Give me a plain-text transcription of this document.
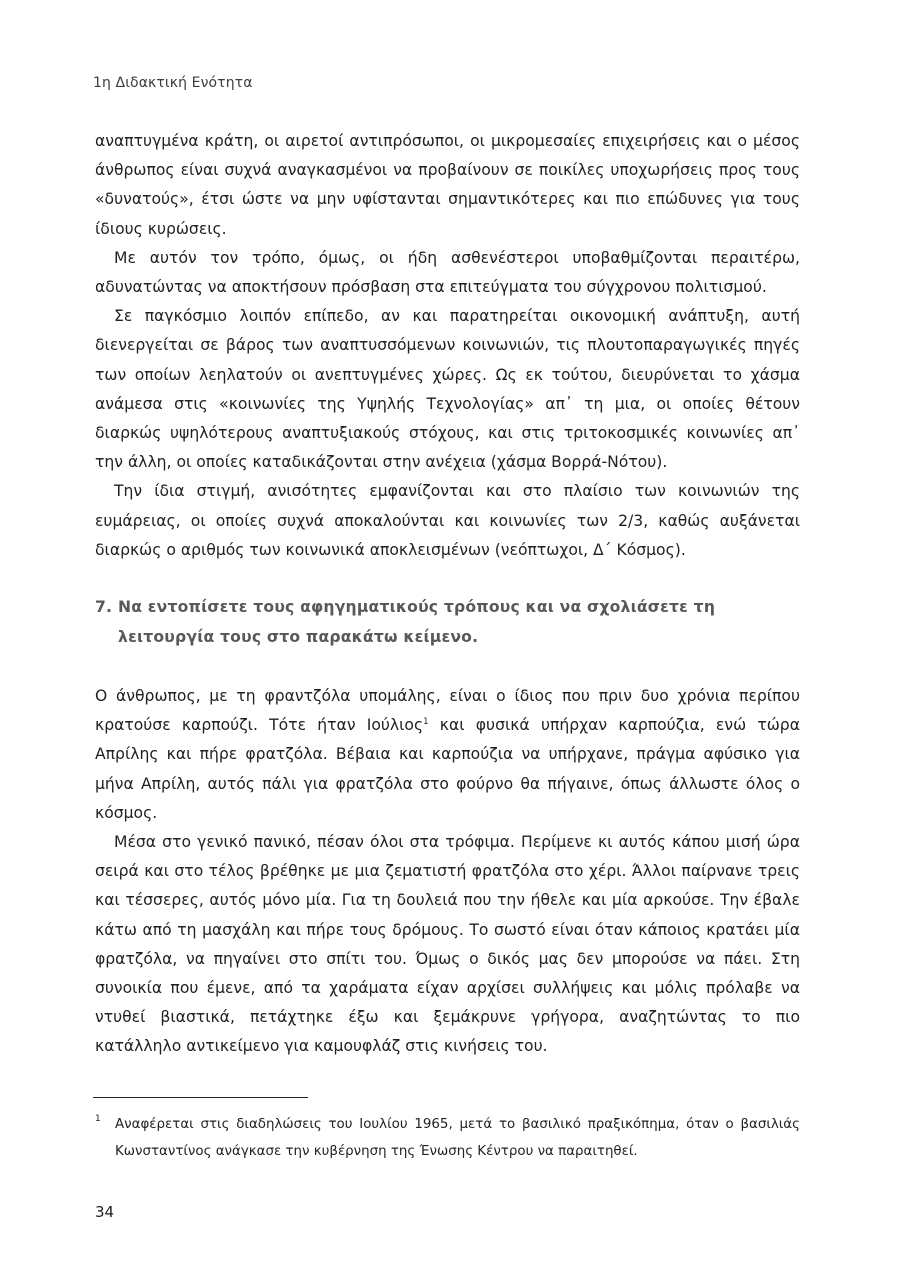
1η Διδακτική Ενότητα

αναπτυγμένα κράτη, οι αιρετοί αντιπρόσωποι, οι μικρομεσαίες επιχειρήσεις και ο μέσος άνθρωπος είναι συχνά αναγκασμένοι να προβαίνουν σε ποικίλες υποχωρήσεις προς τους «δυνατούς», έτσι ώστε να μην υφίστανται σημαντικότερες και πιο επώδυνες για τους ίδιους κυρώσεις.

Με αυτόν τον τρόπο, όμως, οι ήδη ασθενέστεροι υποβαθμίζονται περαιτέρω, αδυνατώντας να αποκτήσουν πρόσβαση στα επιτεύγματα του σύγχρονου πολιτισμού.

Σε παγκόσμιο λοιπόν επίπεδο, αν και παρατηρείται οικονομική ανάπτυξη, αυτή διενεργείται σε βάρος των αναπτυσσόμενων κοινωνιών, τις πλουτοπαραγωγικές πηγές των οποίων λεηλατούν οι ανεπτυγμένες χώρες. Ως εκ τούτου, διευρύνεται το χάσμα ανάμεσα στις «κοινωνίες της Υψηλής Τεχνολογίας» απ᾽ τη μια, οι οποίες θέτουν διαρκώς υψηλότερους αναπτυξιακούς στόχους, και στις τριτοκοσμικές κοινωνίες απ᾽ την άλλη, οι οποίες καταδικάζονται στην ανέχεια (χάσμα Βορρά-Νότου).

Την ίδια στιγμή, ανισότητες εμφανίζονται και στο πλαίσιο των κοινωνιών της ευμάρειας, οι οποίες συχνά αποκαλούνται και κοινωνίες των 2/3, καθώς αυξάνεται διαρκώς ο αριθμός των κοινωνικά αποκλεισμένων (νεόπτωχοι, Δ΄ Κόσμος).

7. Να εντοπίσετε τους αφηγηματικούς τρόπους και να σχολιάσετε τη λειτουργία τους στο παρακάτω κείμενο.

Ο άνθρωπος, με τη φραντζόλα υπομάλης, είναι ο ίδιος που πριν δυο χρόνια περίπου κρατούσε καρπούζι. Τότε ήταν Ιούλιος$^1$ και φυσικά υπήρχαν καρπούζια, ενώ τώρα Απρίλης και πήρε φρατζόλα. Βέβαια και καρπούζια να υπήρχανε, πράγμα αφύσικο για μήνα Απρίλη, αυτός πάλι για φρατζόλα στο φούρνο θα πήγαινε, όπως άλλωστε όλος ο κόσμος.

Μέσα στο γενικό πανικό, πέσαν όλοι στα τρόφιμα. Περίμενε κι αυτός κάπου μισή ώρα σειρά και στο τέλος βρέθηκε με μια ζεματιστή φρατζόλα στο χέρι. Άλλοι παίρνανε τρεις και τέσσερες, αυτός μόνο μία. Για τη δουλειά που την ήθελε και μία αρκούσε. Την έβαλε κάτω από τη μασχάλη και πήρε τους δρόμους. Το σωστό είναι όταν κάποιος κρατάει μία φρατζόλα, να πηγαίνει στο σπίτι του. Όμως ο δικός μας δεν μπορούσε να πάει. Στη συνοικία που έμενε, από τα χαράματα είχαν αρχίσει συλλήψεις και μόλις πρόλαβε να ντυθεί βιαστικά, πετάχτηκε έξω και ξεμάκρυνε γρήγορα, αναζητώντας το πιο κατάλληλο αντικείμενο για καμουφλάζ στις κινήσεις του.

1	Αναφέρεται στις διαδηλώσεις του Ιουλίου 1965, μετά το βασιλικό πραξικόπημα, όταν ο βασιλιάς Κωνσταντίνος ανάγκασε την κυβέρνηση της Ένωσης Κέντρου να παραιτηθεί.
34
